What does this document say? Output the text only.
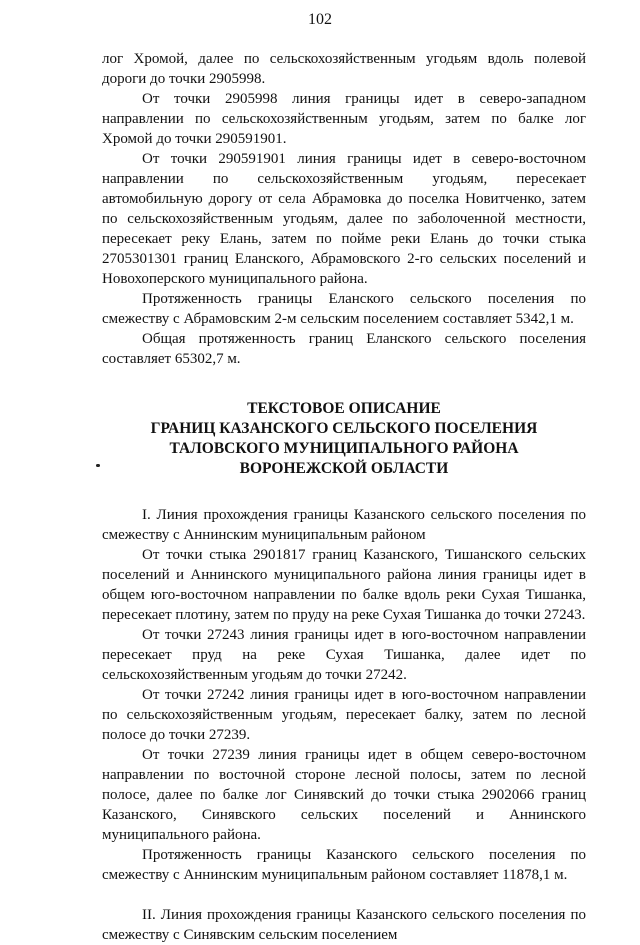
102

лог Хромой, далее по сельскохозяйственным угодьям вдоль полевой дороги до точки 2905998.

От точки 2905998 линия границы идет в северо-западном направлении по сельскохозяйственным угодьям, затем по балке лог Хромой до точки 290591901.

От точки 290591901 линия границы идет в северо-восточном направлении по сельскохозяйственным угодьям, пересекает автомобильную дорогу от села Абрамовка до поселка Новитченко, затем по сельскохозяйственным угодьям, далее по заболоченной местности, пересекает реку Елань, затем по пойме реки Елань до точки стыка 2705301301 границ Еланского, Абрамовского 2-го сельских поселений и Новохоперского муниципального района.

Протяженность границы Еланского сельского поселения по смежеству с Абрамовским 2-м сельским поселением составляет 5342,1 м.

Общая протяженность границ Еланского сельского поселения составляет 65302,7 м.

ТЕКСТОВОЕ ОПИСАНИЕ
ГРАНИЦ КАЗАНСКОГО СЕЛЬСКОГО ПОСЕЛЕНИЯ
ТАЛОВСКОГО МУНИЦИПАЛЬНОГО РАЙОНА
ВОРОНЕЖСКОЙ ОБЛАСТИ

I. Линия прохождения границы Казанского сельского поселения по смежеству с Аннинским муниципальным районом

От точки стыка 2901817 границ Казанского, Тишанского сельских поселений и Аннинского муниципального района линия границы идет в общем юго-восточном направлении по балке вдоль реки Сухая Тишанка, пересекает плотину, затем по пруду на реке Сухая Тишанка до точки 27243.

От точки 27243 линия границы идет в юго-восточном направлении пересекает пруд на реке Сухая Тишанка, далее идет по сельскохозяйственным угодьям до точки 27242.

От точки 27242 линия границы идет в юго-восточном направлении по сельскохозяйственным угодьям, пересекает балку, затем по лесной полосе до точки 27239.

От точки 27239 линия границы идет в общем северо-восточном направлении по восточной стороне лесной полосы, затем по лесной полосе, далее по балке лог Синявский до точки стыка 2902066 границ Казанского, Синявского сельских поселений и Аннинского муниципального района.

Протяженность границы Казанского сельского поселения по смежеству с Аннинским муниципальным районом составляет 11878,1 м.

II. Линия прохождения границы Казанского сельского поселения по смежеству с Синявским сельским поселением
